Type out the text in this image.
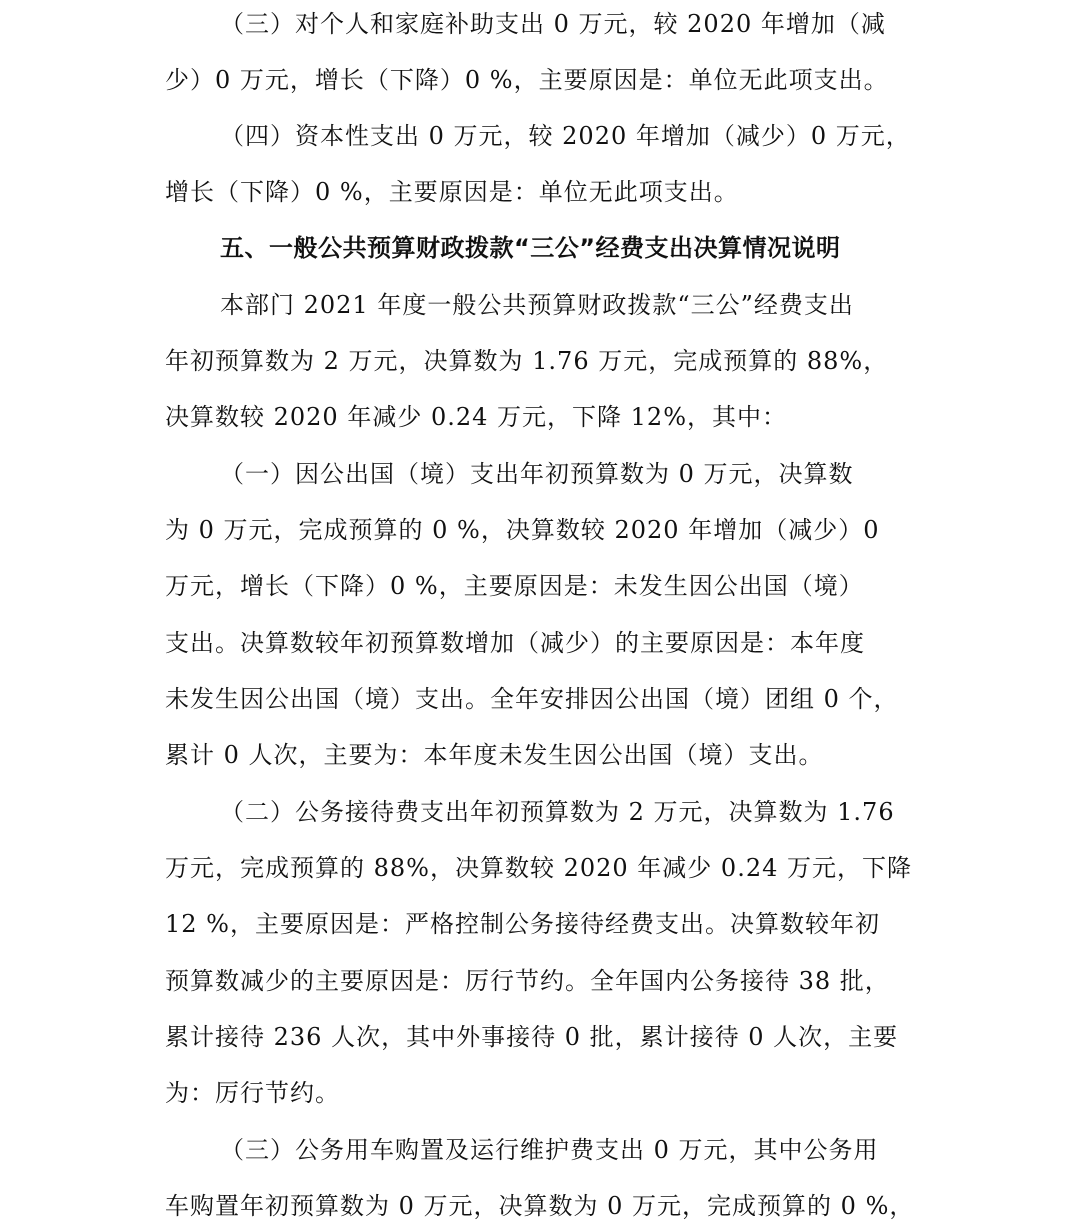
（三）对个人和家庭补助支出 0 万元，较 2020 年增加（减
少）0 万元，增长（下降）0 %，主要原因是：单位无此项支出。
（四）资本性支出 0 万元，较 2020 年增加（减少）0 万元，
增长（下降）0 %，主要原因是：单位无此项支出。
五、一般公共预算财政拨款“三公”经费支出决算情况说明
本部门 2021 年度一般公共预算财政拨款“三公”经费支出
年初预算数为 2 万元，决算数为 1.76 万元，完成预算的 88%，
决算数较 2020 年减少 0.24 万元，下降 12%，其中：
（一）因公出国（境）支出年初预算数为 0 万元，决算数
为 0 万元，完成预算的 0 %，决算数较 2020 年增加（减少）0
万元，增长（下降）0 %，主要原因是：未发生因公出国（境）
支出。决算数较年初预算数增加（减少）的主要原因是：本年度
未发生因公出国（境）支出。全年安排因公出国（境）团组 0 个，
累计 0 人次，主要为：本年度未发生因公出国（境）支出。
（二）公务接待费支出年初预算数为 2 万元，决算数为 1.76
万元，完成预算的 88%，决算数较 2020 年减少 0.24 万元，下降
12 %，主要原因是：严格控制公务接待经费支出。决算数较年初
预算数减少的主要原因是：厉行节约。全年国内公务接待 38 批，
累计接待 236 人次，其中外事接待 0 批，累计接待 0 人次，主要
为：厉行节约。
（三）公务用车购置及运行维护费支出 0 万元，其中公务用
车购置年初预算数为 0 万元，决算数为 0 万元，完成预算的 0 %，
